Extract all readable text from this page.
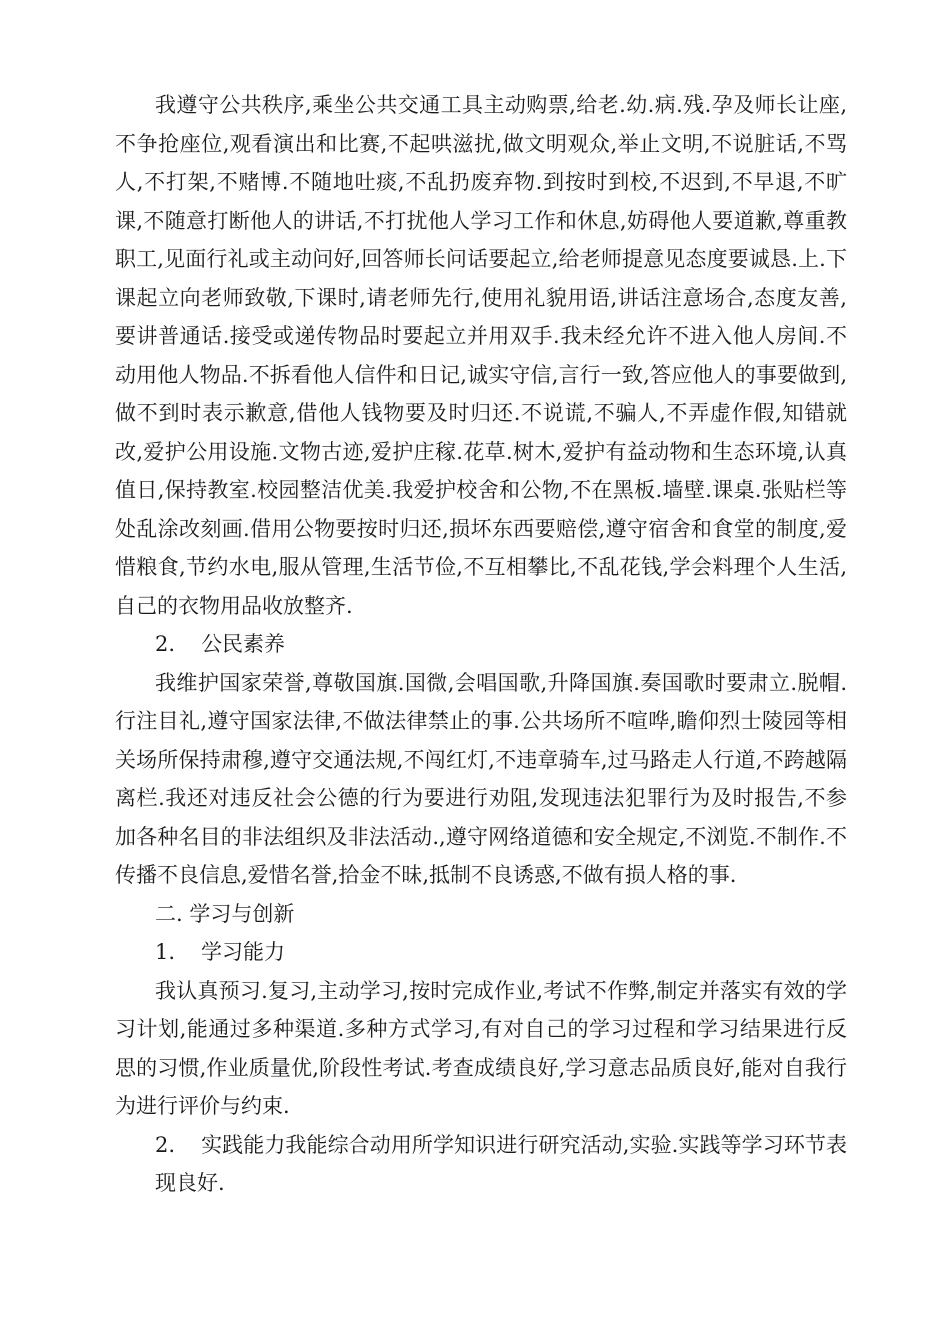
我遵守公共秩序,乘坐公共交通工具主动购票,给老.幼.病.残.孕及师长让座,不争抢座位,观看演出和比赛,不起哄滋扰,做文明观众,举止文明,不说脏话,不骂人,不打架,不赌博.不随地吐痰,不乱扔废弃物.到按时到校,不迟到,不早退,不旷课,不随意打断他人的讲话,不打扰他人学习工作和休息,妨碍他人要道歉,尊重教职工,见面行礼或主动问好,回答师长问话要起立,给老师提意见态度要诚恳.上.下课起立向老师致敬,下课时,请老师先行,使用礼貌用语,讲话注意场合,态度友善,要讲普通话.接受或递传物品时要起立并用双手.我未经允许不进入他人房间.不动用他人物品.不拆看他人信件和日记,诚实守信,言行一致,答应他人的事要做到,做不到时表示歉意,借他人钱物要及时归还.不说谎,不骗人,不弄虚作假,知错就改,爱护公用设施.文物古迹,爱护庄稼.花草.树木,爱护有益动物和生态环境,认真值日,保持教室.校园整洁优美.我爱护校舍和公物,不在黑板.墙壁.课桌.张贴栏等处乱涂改刻画.借用公物要按时归还,损坏东西要赔偿,遵守宿舍和食堂的制度,爱惜粮食,节约水电,服从管理,生活节俭,不互相攀比,不乱花钱,学会料理个人生活,自己的衣物用品收放整齐.

2. 公民素养

我维护国家荣誉,尊敬国旗.国微,会唱国歌,升降国旗.奏国歌时要肃立.脱帽.行注目礼,遵守国家法律,不做法律禁止的事.公共场所不喧哗,瞻仰烈士陵园等相关场所保持肃穆,遵守交通法规,不闯红灯,不违章骑车,过马路走人行道,不跨越隔离栏.我还对违反社会公德的行为要进行劝阻,发现违法犯罪行为及时报告,不参加各种名目的非法组织及非法活动.,遵守网络道德和安全规定,不浏览.不制作.不传播不良信息,爱惜名誉,拾金不昧,抵制不良诱惑,不做有损人格的事.

二. 学习与创新

1. 学习能力

我认真预习.复习,主动学习,按时完成作业,考试不作弊,制定并落实有效的学习计划,能通过多种渠道.多种方式学习,有对自己的学习过程和学习结果进行反思的习惯,作业质量优,阶段性考试.考查成绩良好,学习意志品质良好,能对自我行为进行评价与约束.

2. 实践能力我能综合动用所学知识进行研究活动,实验.实践等学习环节表现良好.
